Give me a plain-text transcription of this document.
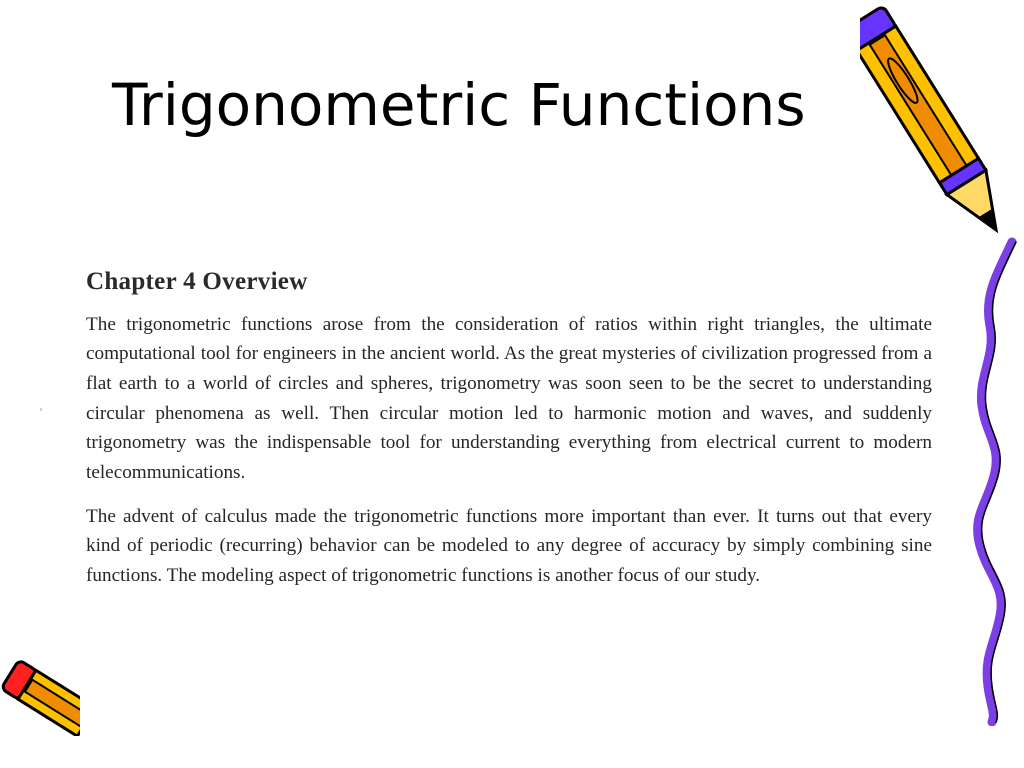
Trigonometric Functions
Chapter 4 Overview

The trigonometric functions arose from the consideration of ratios within right triangles, the ultimate computational tool for engineers in the ancient world. As the great mysteries of civilization progressed from a flat earth to a world of circles and spheres, trigonometry was soon seen to be the secret to understanding circular phenomena as well. Then circular motion led to harmonic motion and waves, and suddenly trigonometry was the indispensable tool for understanding everything from electrical current to modern telecommunications.

The advent of calculus made the trigonometric functions more important than ever. It turns out that every kind of periodic (recurring) behavior can be modeled to any degree of accuracy by simply combining sine functions. The modeling aspect of trigonometric functions is another focus of our study.
